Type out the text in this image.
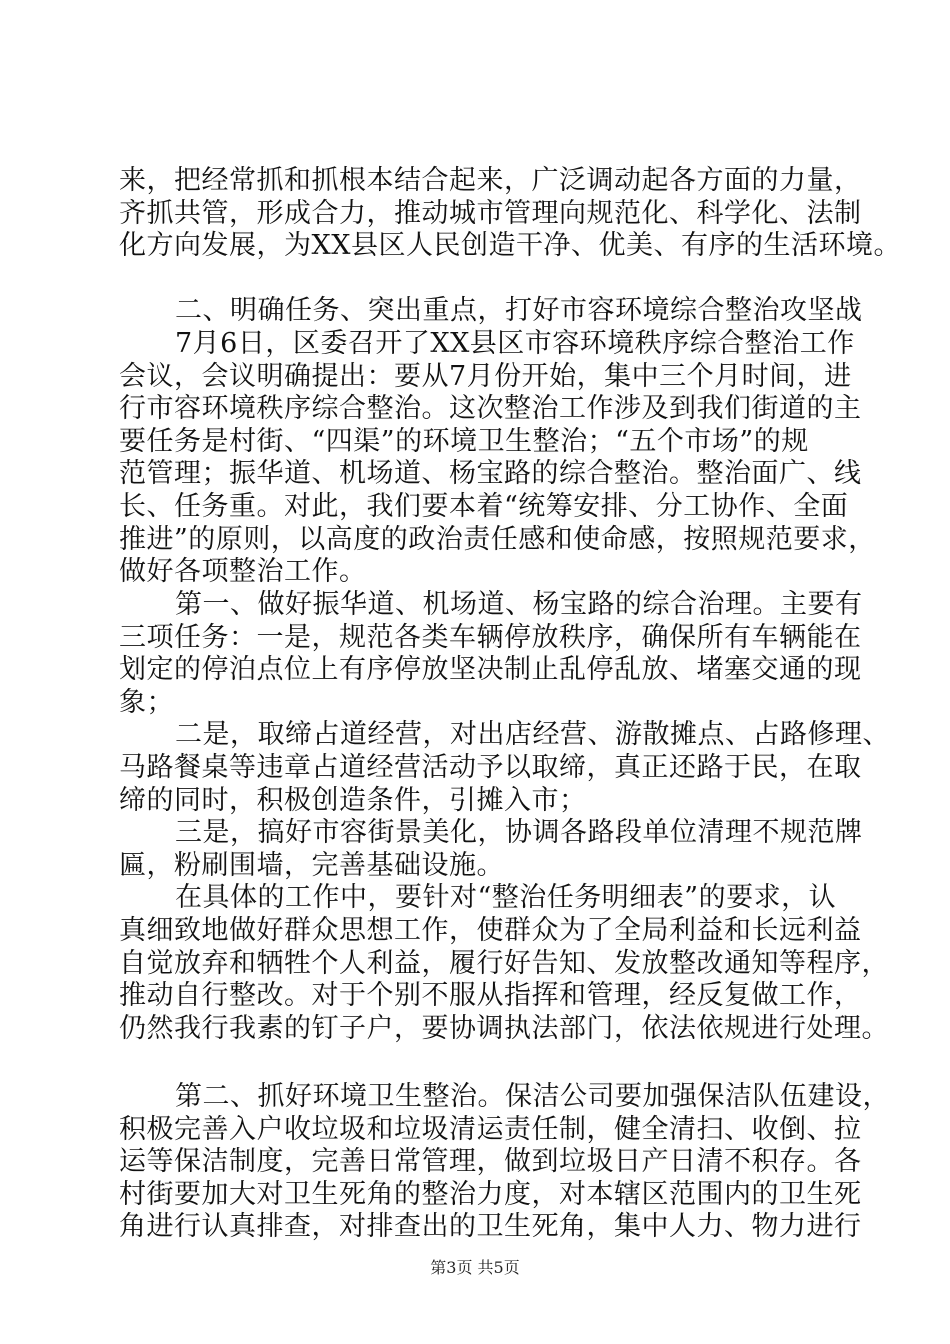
来，把经常抓和抓根本结合起来，广泛调动起各方面的力量，
齐抓共管，形成合力，推动城市管理向规范化、科学化、法制
化方向发展，为XX县区人民创造干净、优美、有序的生活环境。
二、明确任务、突出重点，打好市容环境综合整治攻坚战
7月6日，区委召开了XX县区市容环境秩序综合整治工作
会议，会议明确提出：要从7月份开始，集中三个月时间，进
行市容环境秩序综合整治。这次整治工作涉及到我们街道的主
要任务是村街、“四渠”的环境卫生整治；“五个市场”的规
范管理；振华道、机场道、杨宝路的综合整治。整治面广、线
长、任务重。对此，我们要本着“统筹安排、分工协作、全面
推进”的原则，以高度的政治责任感和使命感，按照规范要求，
做好各项整治工作。
第一、做好振华道、机场道、杨宝路的综合治理。主要有
三项任务：一是，规范各类车辆停放秩序，确保所有车辆能在
划定的停泊点位上有序停放坚决制止乱停乱放、堵塞交通的现
象；
二是，取缔占道经营，对出店经营、游散摊点、占路修理、
马路餐桌等违章占道经营活动予以取缔，真正还路于民，在取
缔的同时，积极创造条件，引摊入市；
三是，搞好市容街景美化，协调各路段单位清理不规范牌
匾，粉刷围墙，完善基础设施。
在具体的工作中，要针对“整治任务明细表”的要求，认
真细致地做好群众思想工作，使群众为了全局利益和长远利益
自觉放弃和牺牲个人利益，履行好告知、发放整改通知等程序，
推动自行整改。对于个别不服从指挥和管理，经反复做工作，
仍然我行我素的钉子户，要协调执法部门，依法依规进行处理。
第二、抓好环境卫生整治。保洁公司要加强保洁队伍建设，
积极完善入户收垃圾和垃圾清运责任制，健全清扫、收倒、拉
运等保洁制度，完善日常管理，做到垃圾日产日清不积存。各
村街要加大对卫生死角的整治力度，对本辖区范围内的卫生死
角进行认真排查，对排查出的卫生死角，集中人力、物力进行
第3页 共5页
